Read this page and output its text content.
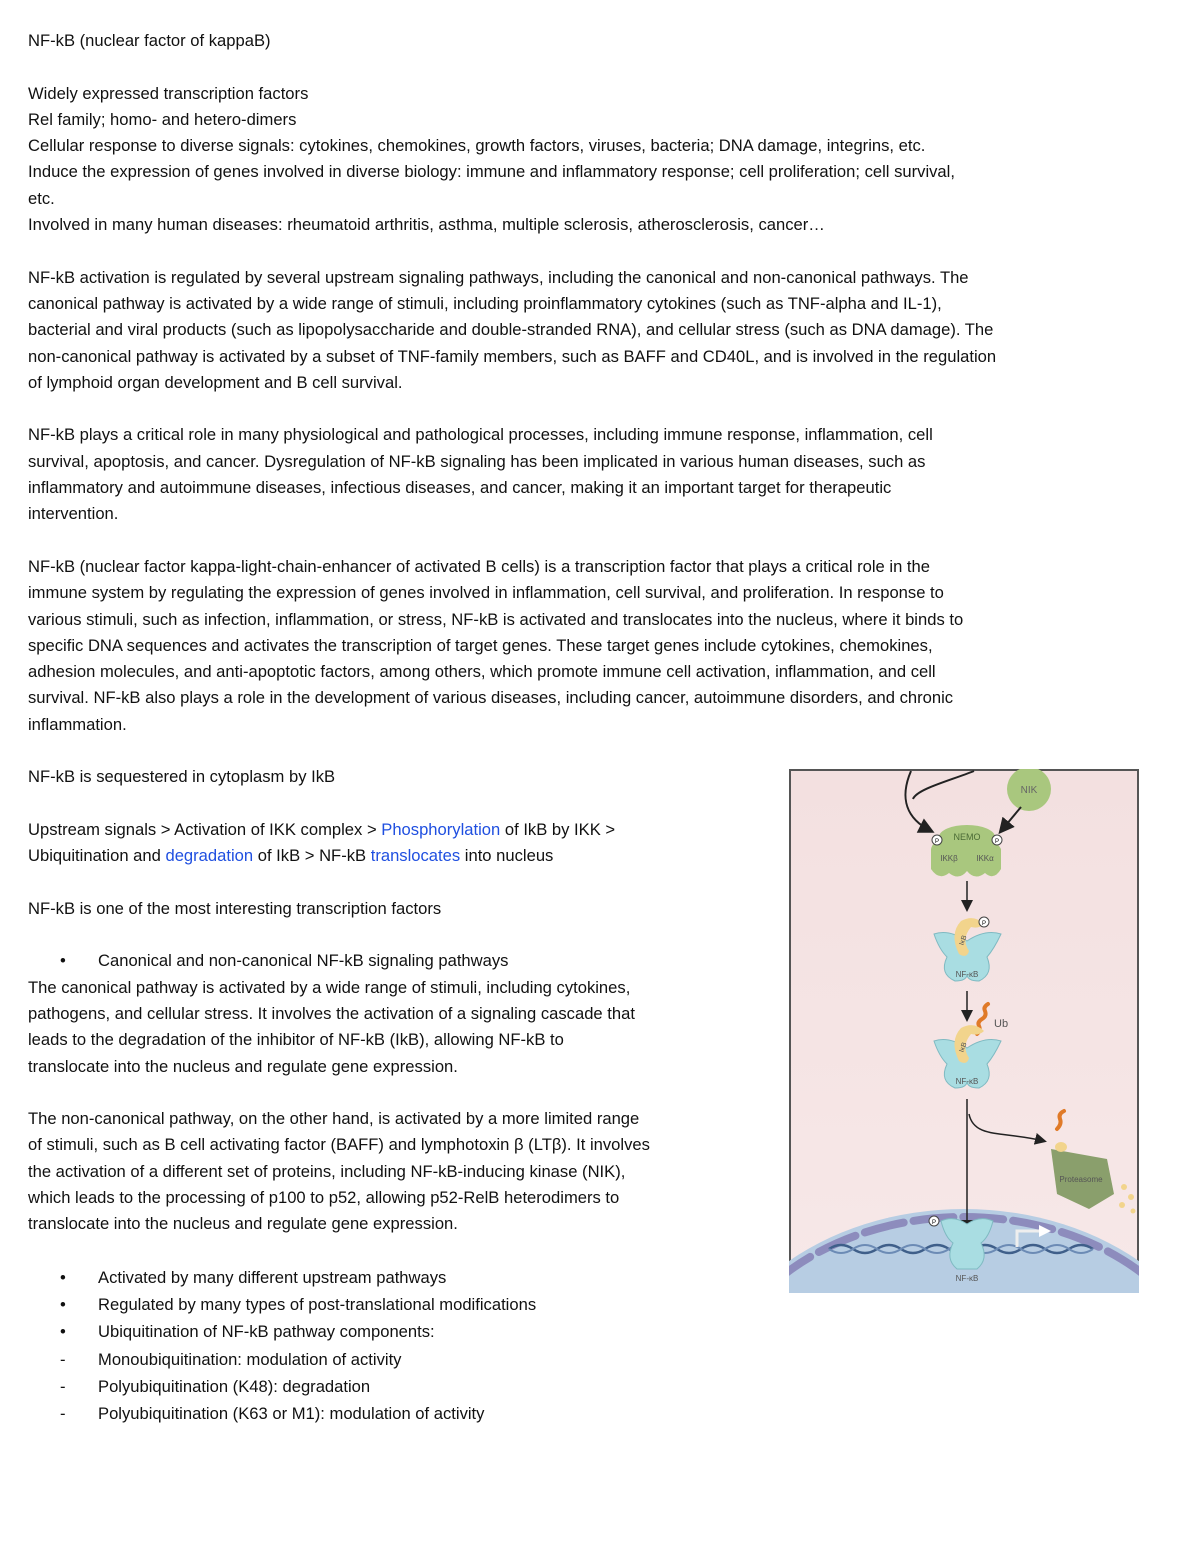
NF-kB (nuclear factor of kappaB)
Widely expressed transcription factors
Rel family; homo- and hetero-dimers
Cellular response to diverse signals: cytokines, chemokines, growth factors, viruses, bacteria; DNA damage, integrins, etc.
Induce the expression of genes involved in diverse biology: immune and inflammatory response; cell proliferation; cell survival,
etc.
Involved in many human diseases: rheumatoid arthritis, asthma, multiple sclerosis, atherosclerosis, cancer…
NF-kB activation is regulated by several upstream signaling pathways, including the canonical and non-canonical pathways. The
canonical pathway is activated by a wide range of stimuli, including proinflammatory cytokines (such as TNF-alpha and IL-1),
bacterial and viral products (such as lipopolysaccharide and double-stranded RNA), and cellular stress (such as DNA damage). The
non-canonical pathway is activated by a subset of TNF-family members, such as BAFF and CD40L, and is involved in the regulation
of lymphoid organ development and B cell survival.
NF-kB plays a critical role in many physiological and pathological processes, including immune response, inflammation, cell
survival, apoptosis, and cancer. Dysregulation of NF-kB signaling has been implicated in various human diseases, such as
inflammatory and autoimmune diseases, infectious diseases, and cancer, making it an important target for therapeutic
intervention.
NF-kB (nuclear factor kappa-light-chain-enhancer of activated B cells) is a transcription factor that plays a critical role in the
immune system by regulating the expression of genes involved in inflammation, cell survival, and proliferation. In response to
various stimuli, such as infection, inflammation, or stress, NF-kB is activated and translocates into the nucleus, where it binds to
specific DNA sequences and activates the transcription of target genes. These target genes include cytokines, chemokines,
adhesion molecules, and anti-apoptotic factors, among others, which promote immune cell activation, inflammation, and cell
survival. NF-kB also plays a role in the development of various diseases, including cancer, autoimmune disorders, and chronic
inflammation.
NF-kB is sequestered in cytoplasm by IkB
Upstream signals > Activation of IKK complex > Phosphorylation of IkB by IKK >
Ubiquitination and degradation of IkB > NF-kB translocates into nucleus
NF-kB is one of the most interesting transcription factors
• Canonical and non-canonical NF-kB signaling pathways
The canonical pathway is activated by a wide range of stimuli, including cytokines,
pathogens, and cellular stress. It involves the activation of a signaling cascade that
leads to the degradation of the inhibitor of NF-kB (IkB), allowing NF-kB to
translocate into the nucleus and regulate gene expression.
The non-canonical pathway, on the other hand, is activated by a more limited range
of stimuli, such as B cell activating factor (BAFF) and lymphotoxin β (LTβ). It involves
the activation of a different set of proteins, including NF-kB-inducing kinase (NIK),
which leads to the processing of p100 to p52, allowing p52-RelB heterodimers to
translocate into the nucleus and regulate gene expression.
• Activated by many different upstream pathways
• Regulated by many types of post-translational modifications
• Ubiquitination of NF-kB pathway components:
- Monoubiquitination: modulation of activity
- Polyubiquitination (K48): degradation
- Polyubiquitination (K63 or M1): modulation of activity
NIK
NEMO
IKKβ IKKα
P	P
IκB
NF-κB
P
Ub
IκB
NF-κB
Proteasome
P
NF-κB
